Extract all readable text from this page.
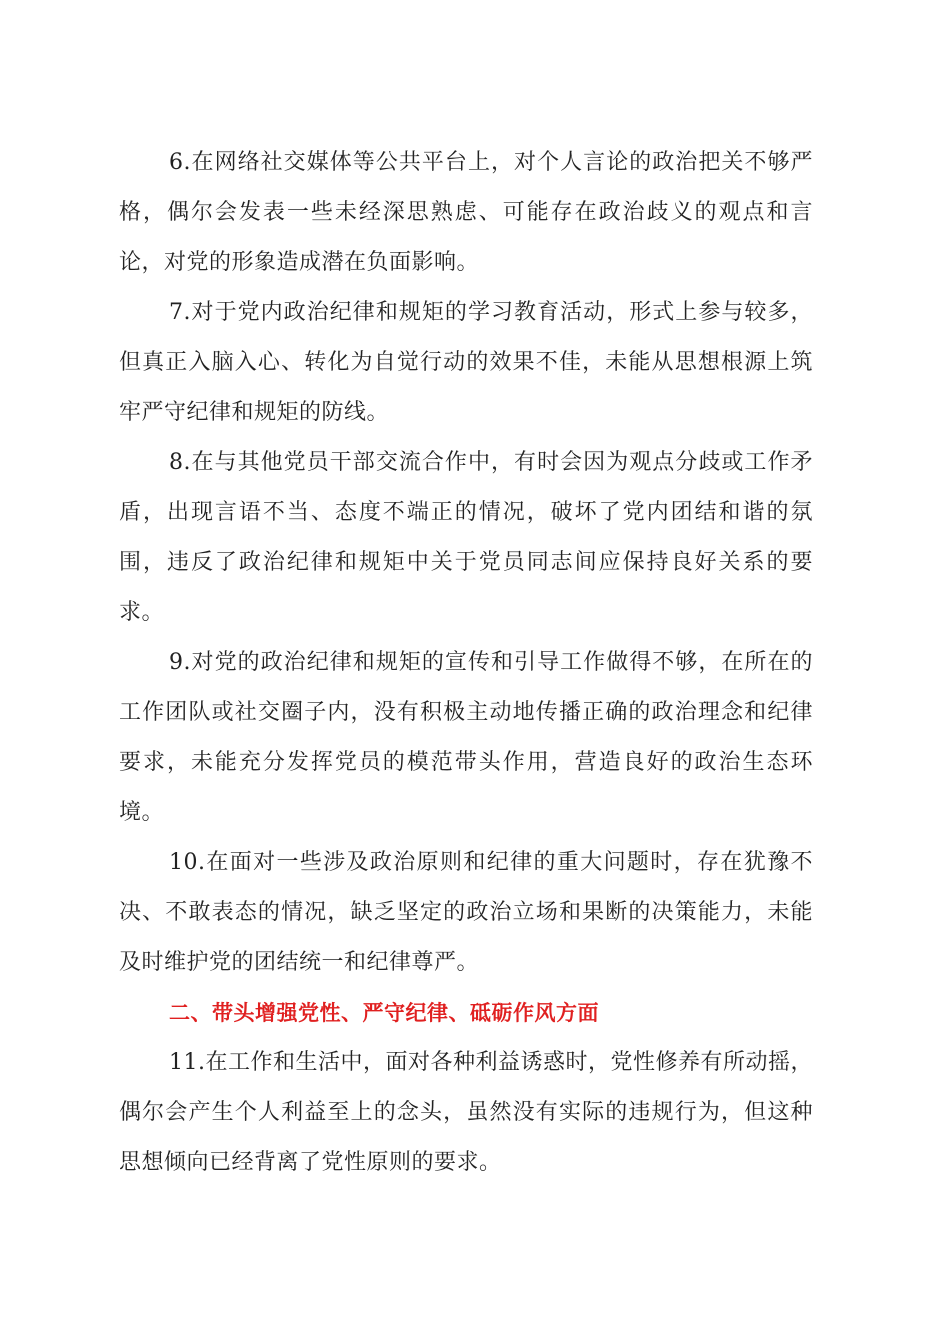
6.在网络社交媒体等公共平台上，对个人言论的政治把关不够严格，偶尔会发表一些未经深思熟虑、可能存在政治歧义的观点和言论，对党的形象造成潜在负面影响。

7.对于党内政治纪律和规矩的学习教育活动，形式上参与较多，但真正入脑入心、转化为自觉行动的效果不佳，未能从思想根源上筑牢严守纪律和规矩的防线。

8.在与其他党员干部交流合作中，有时会因为观点分歧或工作矛盾，出现言语不当、态度不端正的情况，破坏了党内团结和谐的氛围，违反了政治纪律和规矩中关于党员同志间应保持良好关系的要求。

9.对党的政治纪律和规矩的宣传和引导工作做得不够，在所在的工作团队或社交圈子内，没有积极主动地传播正确的政治理念和纪律要求，未能充分发挥党员的模范带头作用，营造良好的政治生态环境。

10.在面对一些涉及政治原则和纪律的重大问题时，存在犹豫不决、不敢表态的情况，缺乏坚定的政治立场和果断的决策能力，未能及时维护党的团结统一和纪律尊严。

二、带头增强党性、严守纪律、砥砺作风方面

11.在工作和生活中，面对各种利益诱惑时，党性修养有所动摇，偶尔会产生个人利益至上的念头，虽然没有实际的违规行为，但这种思想倾向已经背离了党性原则的要求。
